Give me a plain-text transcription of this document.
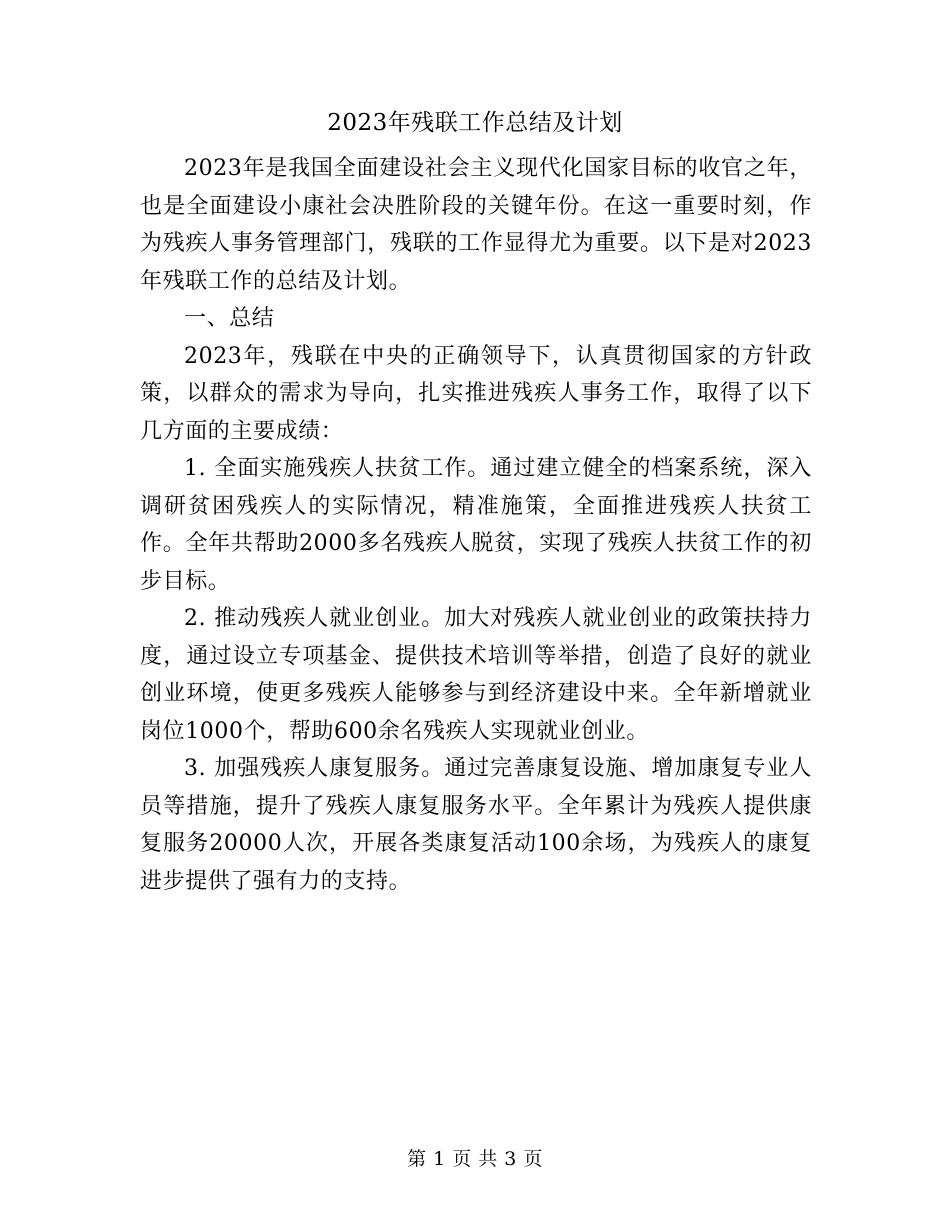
2023年残联工作总结及计划

2023年是我国全面建设社会主义现代化国家目标的收官之年，也是全面建设小康社会决胜阶段的关键年份。在这一重要时刻，作为残疾人事务管理部门，残联的工作显得尤为重要。以下是对2023年残联工作的总结及计划。

一、总结

2023年，残联在中央的正确领导下，认真贯彻国家的方针政策，以群众的需求为导向，扎实推进残疾人事务工作，取得了以下几方面的主要成绩：

1. 全面实施残疾人扶贫工作。通过建立健全的档案系统，深入调研贫困残疾人的实际情况，精准施策，全面推进残疾人扶贫工作。全年共帮助2000多名残疾人脱贫，实现了残疾人扶贫工作的初步目标。

2. 推动残疾人就业创业。加大对残疾人就业创业的政策扶持力度，通过设立专项基金、提供技术培训等举措，创造了良好的就业创业环境，使更多残疾人能够参与到经济建设中来。全年新增就业岗位1000个，帮助600余名残疾人实现就业创业。

3. 加强残疾人康复服务。通过完善康复设施、增加康复专业人员等措施，提升了残疾人康复服务水平。全年累计为残疾人提供康复服务20000人次，开展各类康复活动100余场，为残疾人的康复进步提供了强有力的支持。

第 1 页 共 3 页
